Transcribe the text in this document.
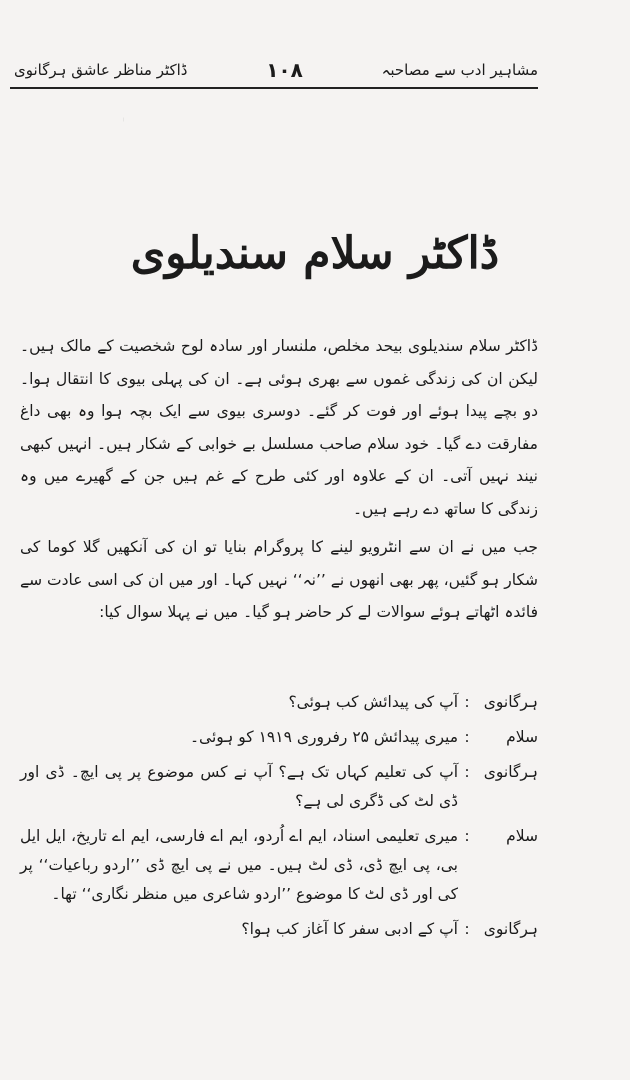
مشاہیر ادب سے مصاحبہ
١٠٨
ڈاکٹر مناظر عاشق ہرگانوی
ڈاکٹر سلام سندیلوی

ڈاکٹر سلام سندیلوی بیحد مخلص، ملنسار اور سادہ لوح شخصیت کے مالک ہیں۔ لیکن ان کی زندگی غموں سے بھری ہوئی ہے۔ ان کی پہلی بیوی کا انتقال ہوا۔ دو بچے پیدا ہوئے اور فوت کر گئے۔ دوسری بیوی سے ایک بچہ ہوا وہ بھی داغ مفارقت دے گیا۔ خود سلام صاحب مسلسل بے خوابی کے شکار ہیں۔ انہیں کبھی نیند نہیں آتی۔ ان کے علاوہ اور کئی طرح کے غم ہیں جن کے گھیرے میں وہ زندگی کا ساتھ دے رہے ہیں۔

جب میں نے ان سے انٹرویو لینے کا پروگرام بنایا تو ان کی آنکھیں گلا کوما کی شکار ہو گئیں، پھر بھی انھوں نے ’’نہ‘‘ نہیں کہا۔ اور میں ان کی اسی عادت سے فائدہ اٹھاتے ہوئے سوالات لے کر حاضر ہو گیا۔ میں نے پہلا سوال کیا:

ہرگانوی
:
آپ کی پیدائش کب ہوئی؟
سلام
:
میری پیدائش ۲۵ رفروری ۱۹۱۹ کو ہوئی۔
ہرگانوی
:
آپ کی تعلیم کہاں تک ہے؟ آپ نے کس موضوع پر پی ایچ۔ ڈی اور ڈی لٹ کی ڈگری لی ہے؟
سلام
:
میری تعلیمی اسناد، ایم اے اُردو، ایم اے فارسی، ایم اے تاریخ، ایل ایل بی، پی ایچ ڈی، ڈی لٹ ہیں۔ میں نے پی ایچ ڈی ’’اردو رباعیات‘‘ پر کی اور ڈی لٹ کا موضوع ’’اردو شاعری میں منظر نگاری‘‘ تھا۔
ہرگانوی
:
آپ کے ادبی سفر کا آغاز کب ہوا؟
